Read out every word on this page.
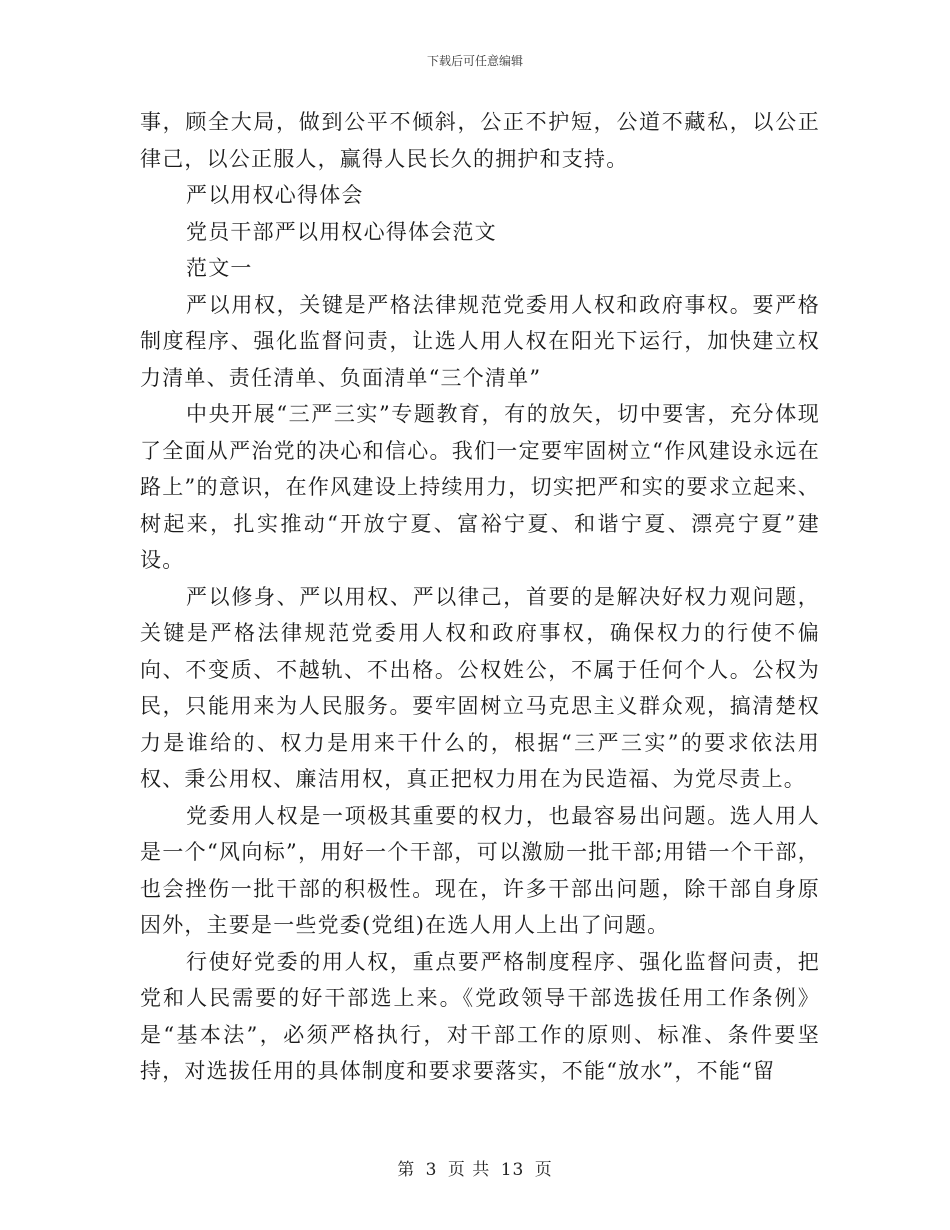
下载后可任意编辑

事，顾全大局，做到公平不倾斜，公正不护短，公道不藏私，以公正律己，以公正服人，赢得人民长久的拥护和支持。

严以用权心得体会

党员干部严以用权心得体会范文

范文一

严以用权，关键是严格法律规范党委用人权和政府事权。要严格制度程序、强化监督问责，让选人用人权在阳光下运行，加快建立权力清单、责任清单、负面清单“三个清单”

中央开展“三严三实”专题教育，有的放矢，切中要害，充分体现了全面从严治党的决心和信心。我们一定要牢固树立“作风建设永远在路上”的意识，在作风建设上持续用力，切实把严和实的要求立起来、树起来，扎实推动“开放宁夏、富裕宁夏、和谐宁夏、漂亮宁夏”建设。

严以修身、严以用权、严以律己，首要的是解决好权力观问题，关键是严格法律规范党委用人权和政府事权，确保权力的行使不偏向、不变质、不越轨、不出格。公权姓公，不属于任何个人。公权为民，只能用来为人民服务。要牢固树立马克思主义群众观，搞清楚权力是谁给的、权力是用来干什么的，根据“三严三实”的要求依法用权、秉公用权、廉洁用权，真正把权力用在为民造福、为党尽责上。

党委用人权是一项极其重要的权力，也最容易出问题。选人用人是一个“风向标”，用好一个干部，可以激励一批干部;用错一个干部，也会挫伤一批干部的积极性。现在，许多干部出问题，除干部自身原因外，主要是一些党委(党组)在选人用人上出了问题。

行使好党委的用人权，重点要严格制度程序、强化监督问责，把党和人民需要的好干部选上来。《党政领导干部选拔任用工作条例》是“基本法”，必须严格执行，对干部工作的原则、标准、条件要坚持，对选拔任用的具体制度和要求要落实，不能“放水”，不能“留

第 3 页 共 13 页
